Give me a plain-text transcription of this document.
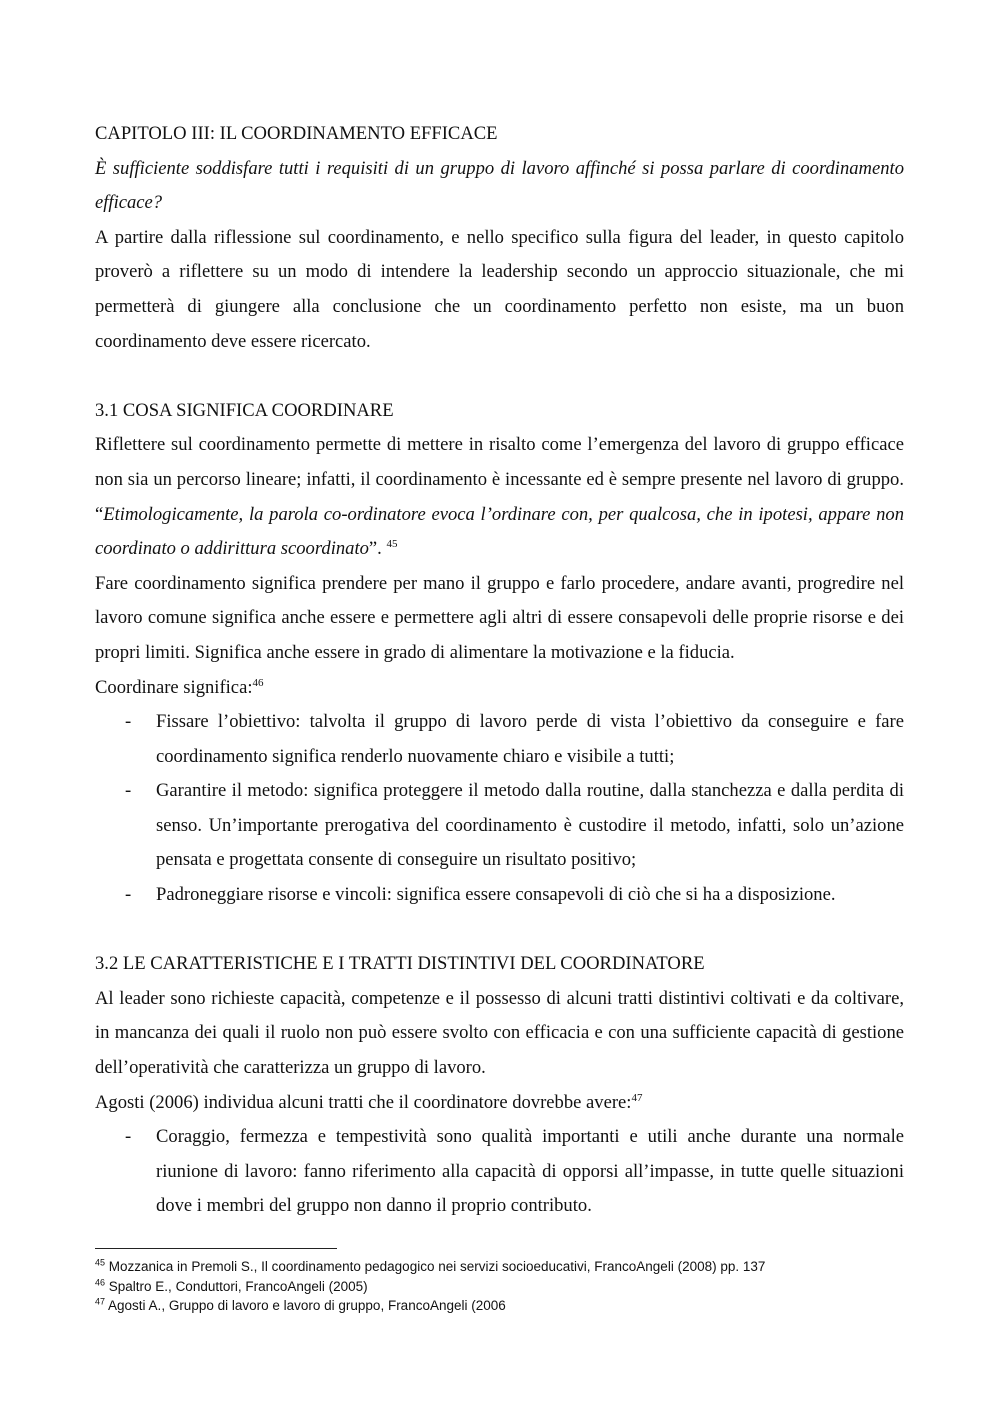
CAPITOLO III: IL COORDINAMENTO EFFICACE

È sufficiente soddisfare tutti i requisiti di un gruppo di lavoro affinché si possa parlare di coordinamento efficace?

A partire dalla riflessione sul coordinamento, e nello specifico sulla figura del leader, in questo capitolo proverò a riflettere su un modo di intendere la leadership secondo un approccio situazionale, che mi permetterà di giungere alla conclusione che un coordinamento perfetto non esiste, ma un buon coordinamento deve essere ricercato.

3.1 COSA SIGNIFICA COORDINARE

Riflettere sul coordinamento permette di mettere in risalto come l’emergenza del lavoro di gruppo efficace non sia un percorso lineare; infatti, il coordinamento è incessante ed è sempre presente nel lavoro di gruppo. “Etimologicamente, la parola co-ordinatore evoca l’ordinare con, per qualcosa, che in ipotesi, appare non coordinato o addirittura scoordinato”. $^{45}$

Fare coordinamento significa prendere per mano il gruppo e farlo procedere, andare avanti, progredire nel lavoro comune significa anche essere e permettere agli altri di essere consapevoli delle proprie risorse e dei propri limiti. Significa anche essere in grado di alimentare la motivazione e la fiducia.

Coordinare significa:$^{46}$

- Fissare l’obiettivo: talvolta il gruppo di lavoro perde di vista l’obiettivo da conseguire e fare coordinamento significa renderlo nuovamente chiaro e visibile a tutti;
- Garantire il metodo: significa proteggere il metodo dalla routine, dalla stanchezza e dalla perdita di senso. Un’importante prerogativa del coordinamento è custodire il metodo, infatti, solo un’azione pensata e progettata consente di conseguire un risultato positivo;
- Padroneggiare risorse e vincoli: significa essere consapevoli di ciò che si ha a disposizione.
3.2 LE CARATTERISTICHE E I TRATTI DISTINTIVI DEL COORDINATORE

Al leader sono richieste capacità, competenze e il possesso di alcuni tratti distintivi coltivati e da coltivare, in mancanza dei quali il ruolo non può essere svolto con efficacia e con una sufficiente capacità di gestione dell’operatività che caratterizza un gruppo di lavoro.

Agosti (2006) individua alcuni tratti che il coordinatore dovrebbe avere:$^{47}$

- Coraggio, fermezza e tempestività sono qualità importanti e utili anche durante una normale riunione di lavoro: fanno riferimento alla capacità di opporsi all’impasse, in tutte quelle situazioni dove i membri del gruppo non danno il proprio contributo.
$^{45}$ Mozzanica in Premoli S., Il coordinamento pedagogico nei servizi socioeducativi, FrancoAngeli (2008) pp. 137
$^{46}$ Spaltro E., Conduttori, FrancoAngeli (2005)
$^{47}$ Agosti A., Gruppo di lavoro e lavoro di gruppo, FrancoAngeli (2006
